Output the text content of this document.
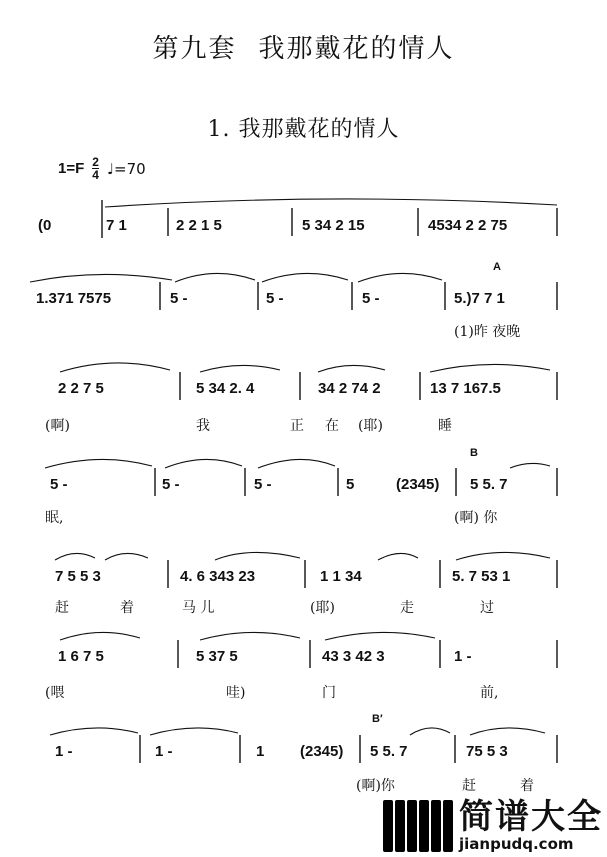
第九套 我那戴花的情人
1. 我那戴花的情人
$1=F \frac{2}{4}$ ♩=70
A
B
B′
(0	7 1	2 2 1 5	5 34 2 15	4534 2 2 75
1.371 7575	5 -	5 -	5 -	5.)7 7 1
(1)昨 夜晚
2 2 7 5	5 34 2. 4	34 2 74 2	13 7 167.5
(啊)	我	正 在 (耶)	睡
5 -	5 -	5 -	5	(2345) 5 5. 7
眠,	(啊) 你
7 5 5 3	4. 6 343 23	1 1 34	5. 7 53 1
赶	着	马 儿	(耶)	走	过
1 6 7 5	5 37 5	43 3 42 3	1 -
(喂	哇)	门	前,
1 -	1 -	1 (2345) 5 5. 7	75 5 3
(啊)你	赶	着
简谱大全
jianpudq.com
